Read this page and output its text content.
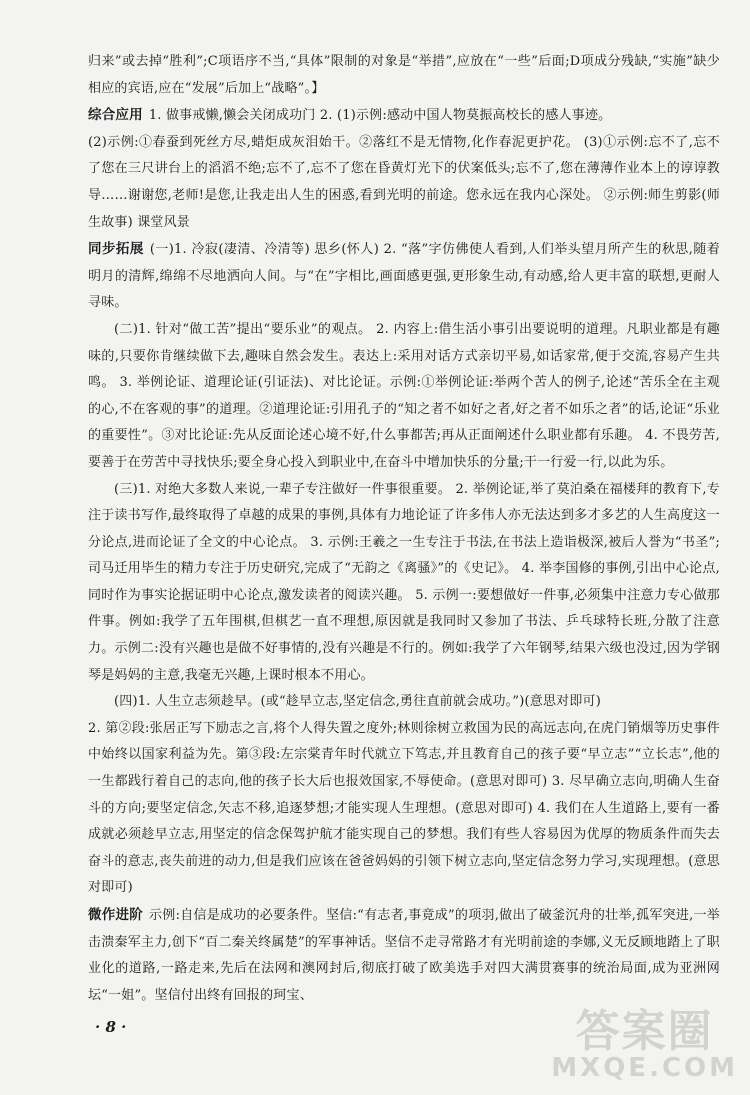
归来”或去掉“胜利”;C项语序不当,“具体”限制的对象是“举措”,应放在“一些”后面;D项成分残缺,“实施”缺少相应的宾语,应在“发展”后加上“战略”。】

综合应用 1. 做事戒懒,懒会关闭成功门 2. (1)示例:感动中国人物莫振高校长的感人事迹。

(2)示例:①春蚕到死丝方尽,蜡炬成灰泪始干。②落红不是无情物,化作春泥更护花。 (3)①示例:忘不了,忘不了您在三尺讲台上的滔滔不绝;忘不了,忘不了您在昏黄灯光下的伏案低头;忘不了,您在薄薄作业本上的谆谆教导……谢谢您,老师!是您,让我走出人生的困惑,看到光明的前途。您永远在我内心深处。 ②示例:师生剪影(师生故事) 课堂风景

同步拓展 (一)1. 冷寂(凄清、冷清等) 思乡(怀人) 2. “落”字仿佛使人看到,人们举头望月所产生的秋思,随着明月的清辉,绵绵不尽地洒向人间。与“在”字相比,画面感更强,更形象生动,有动感,给人更丰富的联想,更耐人寻味。

(二)1. 针对“做工苦”提出“要乐业”的观点。 2. 内容上:借生活小事引出要说明的道理。凡职业都是有趣味的,只要你肯继续做下去,趣味自然会发生。表达上:采用对话方式亲切平易,如话家常,便于交流,容易产生共鸣。 3. 举例论证、道理论证(引证法)、对比论证。示例:①举例论证:举两个苦人的例子,论述“苦乐全在主观的心,不在客观的事”的道理。②道理论证:引用孔子的“知之者不如好之者,好之者不如乐之者”的话,论证“乐业的重要性”。③对比论证:先从反面论述心境不好,什么事都苦;再从正面阐述什么职业都有乐趣。 4. 不畏劳苦,要善于在劳苦中寻找快乐;要全身心投入到职业中,在奋斗中增加快乐的分量;干一行爱一行,以此为乐。

(三)1. 对绝大多数人来说,一辈子专注做好一件事很重要。 2. 举例论证,举了莫泊桑在福楼拜的教育下,专注于读书写作,最终取得了卓越的成果的事例,具体有力地论证了许多伟人亦无法达到多才多艺的人生高度这一分论点,进而论证了全文的中心论点。 3. 示例:王羲之一生专注于书法,在书法上造诣极深,被后人誉为“书圣”;司马迁用毕生的精力专注于历史研究,完成了“无韵之《离骚》”的《史记》。 4. 举李国修的事例,引出中心论点,同时作为事实论据证明中心论点,激发读者的阅读兴趣。 5. 示例一:要想做好一件事,必须集中注意力专心做那件事。例如:我学了五年围棋,但棋艺一直不理想,原因就是我同时又参加了书法、乒乓球特长班,分散了注意力。示例二:没有兴趣也是做不好事情的,没有兴趣是不行的。例如:我学了六年钢琴,结果六级也没过,因为学钢琴是妈妈的主意,我毫无兴趣,上课时根本不用心。

(四)1. 人生立志须趁早。(或“趁早立志,坚定信念,勇往直前就会成功。”)(意思对即可)

2. 第②段:张居正写下励志之言,将个人得失置之度外;林则徐树立救国为民的高远志向,在虎门销烟等历史事件中始终以国家利益为先。第③段:左宗棠青年时代就立下笃志,并且教育自己的孩子要“早立志”“立长志”,他的一生都践行着自己的志向,他的孩子长大后也报效国家,不辱使命。(意思对即可) 3. 尽早确立志向,明确人生奋斗的方向;要坚定信念,矢志不移,追逐梦想;才能实现人生理想。(意思对即可) 4. 我们在人生道路上,要有一番成就必须趁早立志,用坚定的信念保驾护航才能实现自己的梦想。我们有些人容易因为优厚的物质条件而失去奋斗的意志,丧失前进的动力,但是我们应该在爸爸妈妈的引领下树立志向,坚定信念努力学习,实现理想。(意思对即可)

微作进阶 示例:自信是成功的必要条件。坚信:“有志者,事竟成”的项羽,做出了破釜沉舟的壮举,孤军突进,一举击溃秦军主力,创下“百二秦关终属楚”的军事神话。坚信不走寻常路才有光明前途的李娜,义无反顾地踏上了职业化的道路,一路走来,先后在法网和澳网封后,彻底打破了欧美选手对四大满贯赛事的统治局面,成为亚洲网坛“一姐”。坚信付出终有回报的珂宝、

· 8 ·	答案圈
MXQE.COM
